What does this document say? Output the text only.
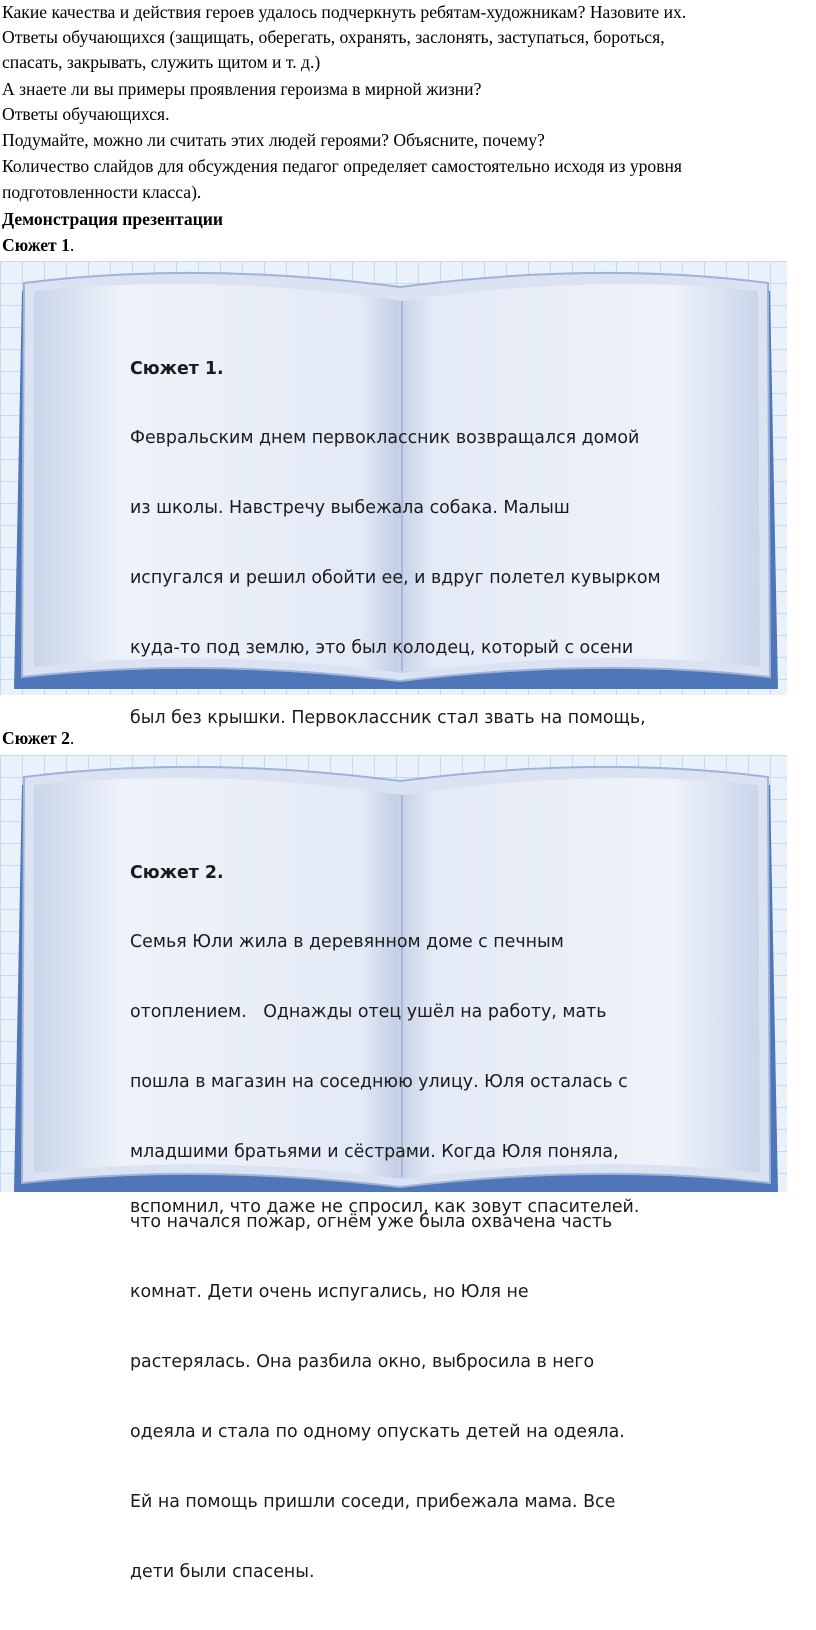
Какие качества и действия героев удалось подчеркнуть ребятам-художникам? Назовите их.
Ответы обучающихся (защищать, оберегать, охранять, заслонять, заступаться, бороться,
спасать, закрывать, служить щитом и т. д.)
А знаете ли вы примеры проявления героизма в мирной жизни?
Ответы обучающихся.
Подумайте, можно ли считать этих людей героями? Объясните, почему?
Количество слайдов для обсуждения педагог определяет самостоятельно исходя из уровня
подготовленности класса).
Демонстрация презентации
Сюжет 1.

Сюжет 1.

Февральским днем первоклассник возвращался домой

из школы. Навстречу выбежала собака. Малыш

испугался и решил обойти ее, и вдруг полетел кувырком

куда-то под землю, это был колодец, который с осени

был без крышки. Первоклассник стал звать на помощь,

вспомнил, что даже не спросил, как зовут спасителей.

Сюжет 2.

Сюжет 2.

Семья Юли жила в деревянном доме с печным

отоплением.   Однажды отец ушёл на работу, мать

пошла в магазин на соседнюю улицу. Юля осталась с

младшими братьями и сёстрами. Когда Юля поняла,

что начался пожар, огнём уже была охвачена часть

комнат. Дети очень испугались, но Юля не

растерялась. Она разбила окно, выбросила в него

одеяла и стала по одному опускать детей на одеяла.

Ей на помощь пришли соседи, прибежала мама. Все

дети были спасены.
